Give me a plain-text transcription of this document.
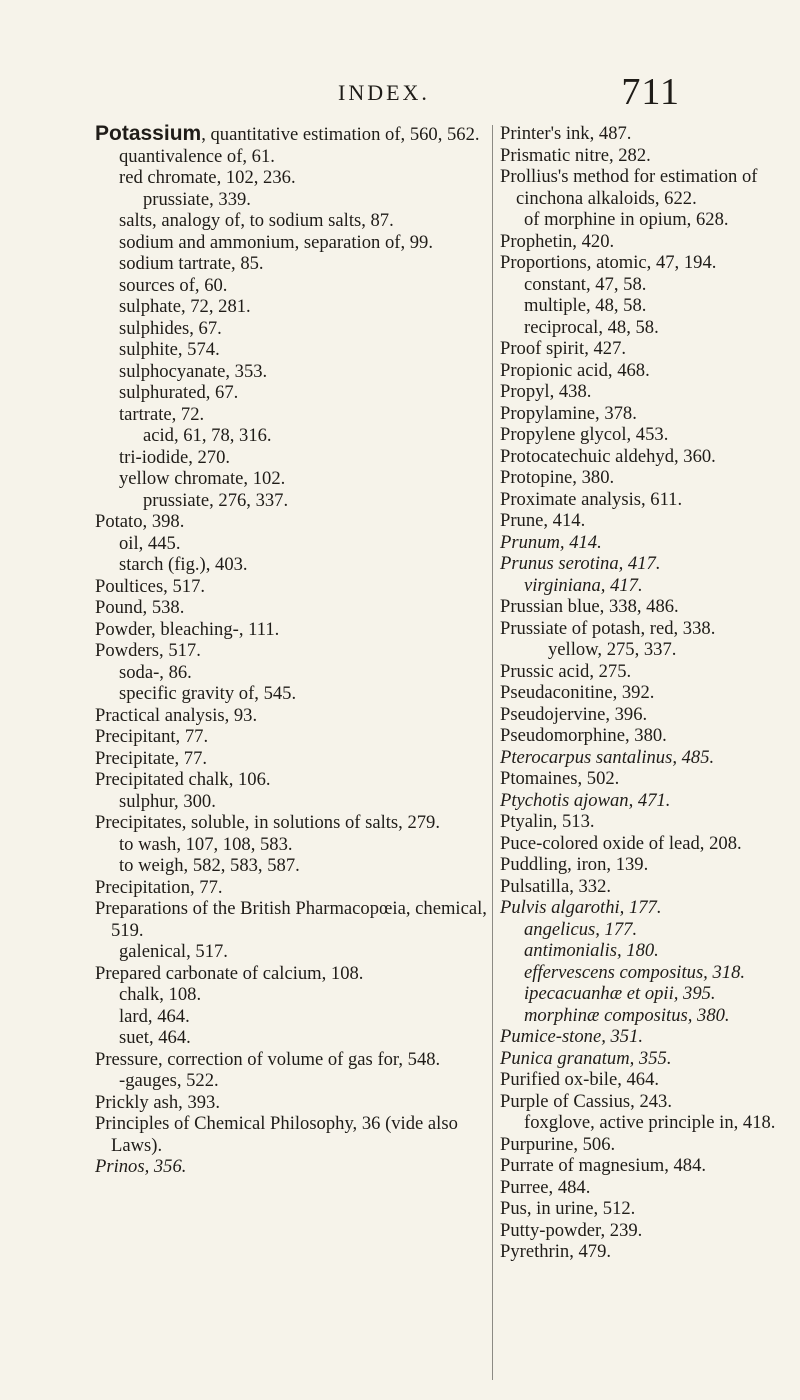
INDEX.	711
Potassium, quantitative estimation of, 560, 562.
quantivalence of, 61.
red chromate, 102, 236.
prussiate, 339.
salts, analogy of, to sodium salts, 87.
sodium and ammonium, separation of, 99.
sodium tartrate, 85.
sources of, 60.
sulphate, 72, 281.
sulphides, 67.
sulphite, 574.
sulphocyanate, 353.
sulphurated, 67.
tartrate, 72.
acid, 61, 78, 316.
tri-iodide, 270.
yellow chromate, 102.
prussiate, 276, 337.
Potato, 398.
oil, 445.
starch (fig.), 403.
Poultices, 517.
Pound, 538.
Powder, bleaching-, 111.
Powders, 517.
soda-, 86.
specific gravity of, 545.
Practical analysis, 93.
Precipitant, 77.
Precipitate, 77.
Precipitated chalk, 106.
sulphur, 300.
Precipitates, soluble, in solutions of salts, 279.
to wash, 107, 108, 583.
to weigh, 582, 583, 587.
Precipitation, 77.
Preparations of the British Pharmacopœia, chemical, 519.
galenical, 517.
Prepared carbonate of calcium, 108.
chalk, 108.
lard, 464.
suet, 464.
Pressure, correction of volume of gas for, 548.
-gauges, 522.
Prickly ash, 393.
Principles of Chemical Philosophy, 36 (vide also Laws).
Prinos, 356.
Printer's ink, 487.
Prismatic nitre, 282.
Prollius's method for estimation of cinchona alkaloids, 622.
of morphine in opium, 628.
Prophetin, 420.
Proportions, atomic, 47, 194.
constant, 47, 58.
multiple, 48, 58.
reciprocal, 48, 58.
Proof spirit, 427.
Propionic acid, 468.
Propyl, 438.
Propylamine, 378.
Propylene glycol, 453.
Protocatechuic aldehyd, 360.
Protopine, 380.
Proximate analysis, 611.
Prune, 414.
Prunum, 414.
Prunus serotina, 417.
virginiana, 417.
Prussian blue, 338, 486.
Prussiate of potash, red, 338.
yellow, 275, 337.
Prussic acid, 275.
Pseudaconitine, 392.
Pseudojervine, 396.
Pseudomorphine, 380.
Pterocarpus santalinus, 485.
Ptomaines, 502.
Ptychotis ajowan, 471.
Ptyalin, 513.
Puce-colored oxide of lead, 208.
Puddling, iron, 139.
Pulsatilla, 332.
Pulvis algarothi, 177.
angelicus, 177.
antimonialis, 180.
effervescens compositus, 318.
ipecacuanhæ et opii, 395.
morphinæ compositus, 380.
Pumice-stone, 351.
Punica granatum, 355.
Purified ox-bile, 464.
Purple of Cassius, 243.
foxglove, active principle in, 418.
Purpurine, 506.
Purrate of magnesium, 484.
Purree, 484.
Pus, in urine, 512.
Putty-powder, 239.
Pyrethrin, 479.
